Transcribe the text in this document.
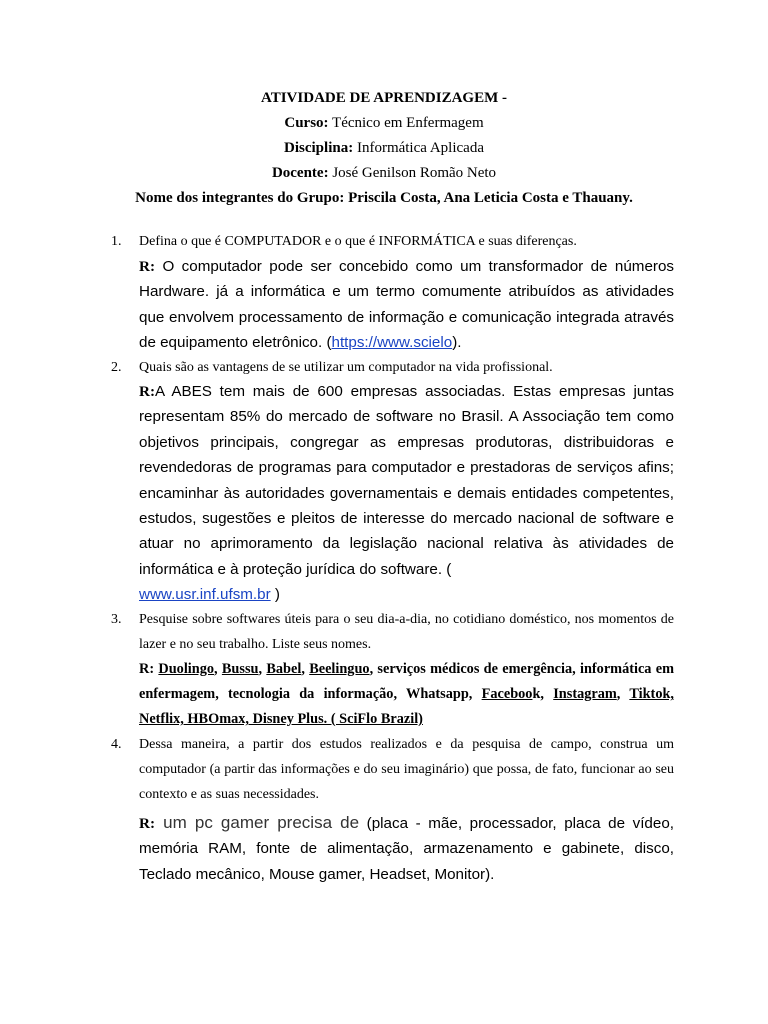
ATIVIDADE DE APRENDIZAGEM -
Curso: Técnico em Enfermagem
Disciplina: Informática Aplicada
Docente: José Genilson Romão Neto
Nome dos integrantes do Grupo: Priscila Costa, Ana Leticia Costa e Thauany.
1.	Defina o que é COMPUTADOR e o que é INFORMÁTICA e suas diferenças.
R: O computador pode ser concebido como um transformador de números Hardware. já a informática e um termo comumente atribuídos as atividades que envolvem processamento de informação e comunicação integrada através de equipamento eletrônico. (https://www.scielo).
2.	Quais são as vantagens de se utilizar um computador na vida profissional.
R:A ABES tem mais de 600 empresas associadas. Estas empresas juntas representam 85% do mercado de software no Brasil. A Associação tem como objetivos principais, congregar as empresas produtoras, distribuidoras e revendedoras de programas para computador e prestadoras de serviços afins; encaminhar às autoridades governamentais e demais entidades competentes, estudos, sugestões e pleitos de interesse do mercado nacional de software e atuar no aprimoramento da legislação nacional relativa às atividades de informática e à proteção jurídica do software. (
www.usr.inf.ufsm.br )
3.	Pesquise sobre softwares úteis para o seu dia-a-dia, no cotidiano doméstico, nos momentos de lazer e no seu trabalho. Liste seus nomes.
R: Duolingo, Bussu, Babel, Beelinguo, serviços médicos de emergência, informática em enfermagem, tecnologia da informação, Whatsapp, Facebook, Instagram, Tiktok, Netflix, HBOmax, Disney Plus. ( SciFlo Brazil)
4.	Dessa maneira, a partir dos estudos realizados e da pesquisa de campo, construa um computador (a partir das informações e do seu imaginário) que possa, de fato, funcionar ao seu contexto e as suas necessidades.
R: um pc gamer precisa de (placa - mãe, processador, placa de vídeo, memória RAM, fonte de alimentação, armazenamento e gabinete, disco, Teclado mecânico, Mouse gamer, Headset, Monitor).
